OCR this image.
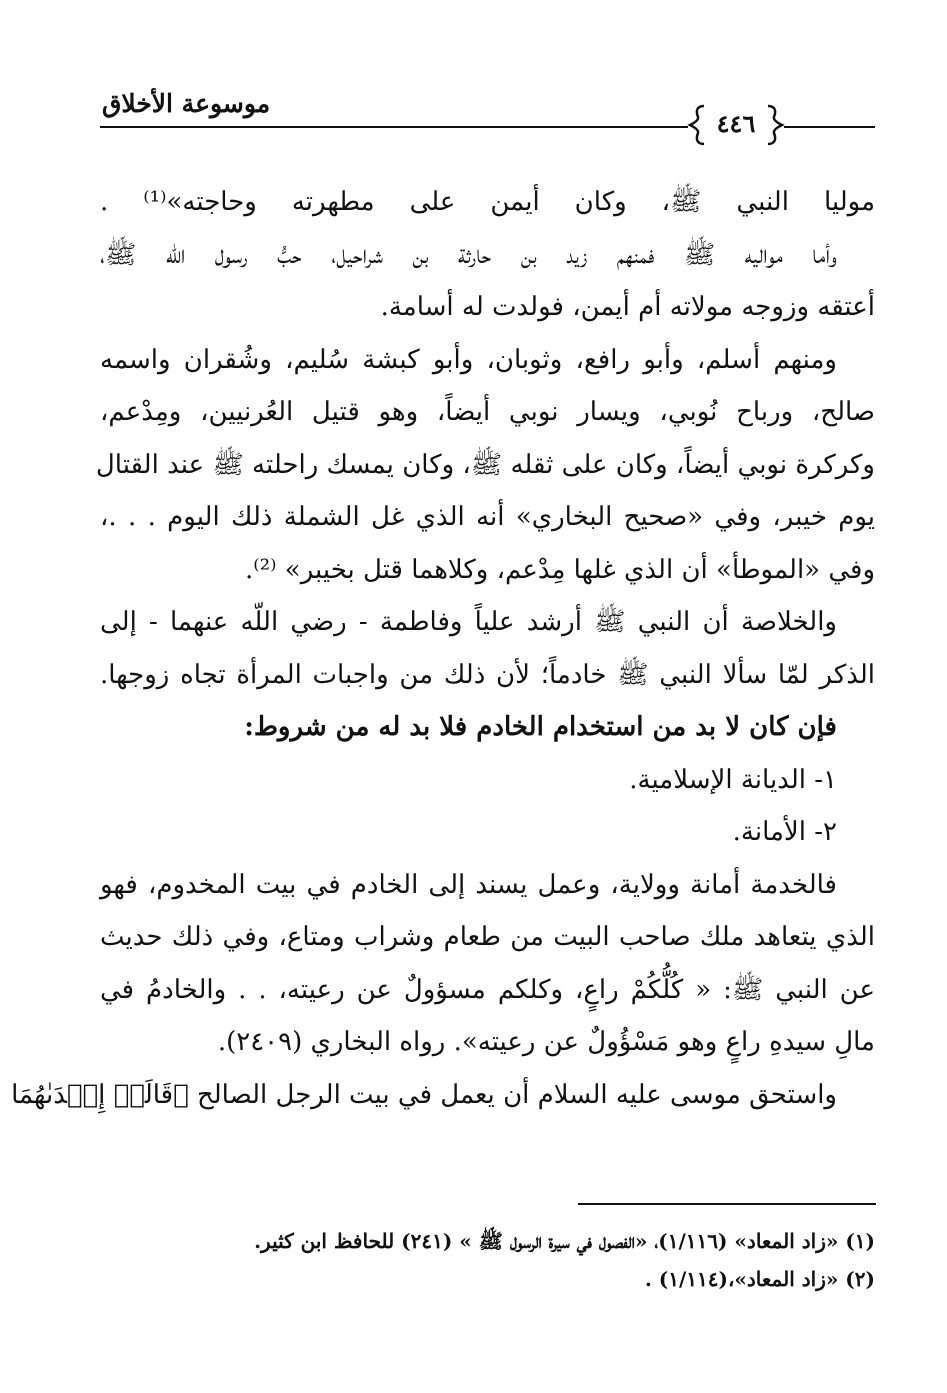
موسوعة الأخلاق
٤٤٦
موليا النبي ﷺ، وكان أيمن على مطهرته وحاجته»⁽¹⁾ .
وأما مواليه ﷺ فمنهم زيد بن حارثة بن شراحيل، حبُّ رسول اللّه ﷺ،
أعتقه وزوجه مولاته أم أيمن، فولدت له أسامة.
ومنهم أسلم، وأبو رافع، وثوبان، وأبو كبشة سُليم، وشُقران واسمه
صالح، ورباح نُوبي، ويسار نوبي أيضاً، وهو قتيل العُرنيين، ومِدْعم،
وكركرة نوبي أيضاً، وكان على ثقله ﷺ، وكان يمسك راحلته ﷺ عند القتال
يوم خيبر، وفي «صحيح البخاري» أنه الذي غل الشملة ذلك اليوم . . .،
وفي «الموطأ» أن الذي غلها مِدْعم، وكلاهما قتل بخيبر» ⁽²⁾.
والخلاصة أن النبي ﷺ أرشد علياً وفاطمة - رضي اللّه عنهما - إلى
الذكر لمّا سألا النبي ﷺ خادماً؛ لأن ذلك من واجبات المرأة تجاه زوجها.
فإن كان لا بد من استخدام الخادم فلا بد له من شروط:
١- الديانة الإسلامية.
٢- الأمانة.
فالخدمة أمانة وولاية، وعمل يسند إلى الخادم في بيت المخدوم، فهو
الذي يتعاهد ملك صاحب البيت من طعام وشراب ومتاع، وفي ذلك حديث
عن النبي ﷺ: « كُلُّكُمْ راعٍ، وكلكم مسؤولٌ عن رعيته، . . والخادمُ في
مالِ سيدهِ راعٍ وهو مَسْؤُولٌ عن رعيته». رواه البخاري (٢٤٠٩).
واستحق موسى عليه السلام أن يعمل في بيت الرجل الصالح ﴿قَالَتۡ إِحۡدَىٰهُمَا
(١) «زاد المعاد» (١/١١٦)، «الفصول في سيرة الرسول ﷺ » (٢٤١) للحافظ ابن كثير.
(٢) «زاد المعاد»،(١/١١٤) .
